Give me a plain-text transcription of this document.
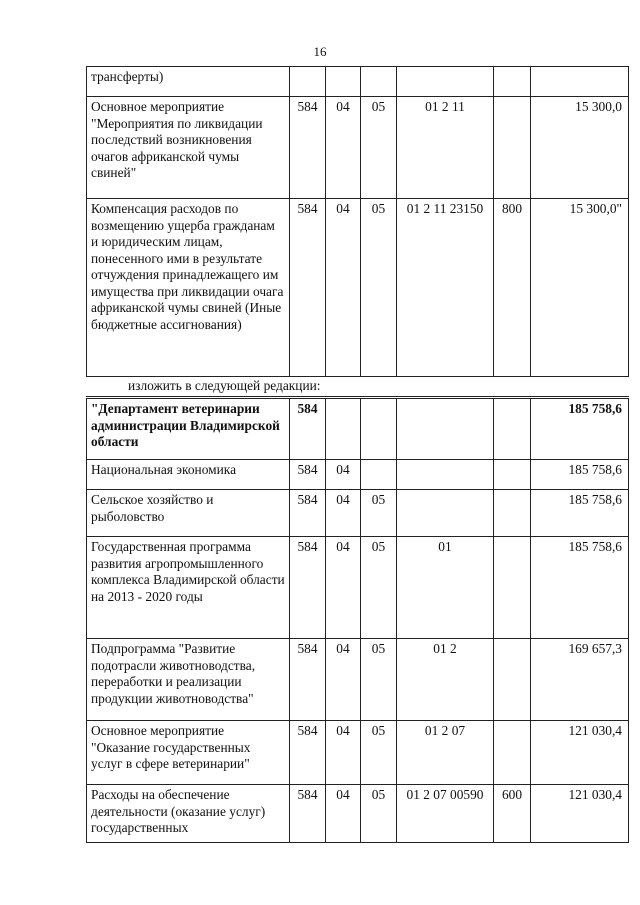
16
трансферты)						
Основное мероприятие "Мероприятия по ликвидации последствий возникновения очагов африканской чумы свиней"	584	04	05	01 2 11		15 300,0
Компенсация расходов по возмещению ущерба гражданам и юридическим лицам, понесенного ими в результате отчуждения принадлежащего им имущества при ликвидации очага африканской чумы свиней (Иные бюджетные ассигнования)	584	04	05	01 2 11 23150	800	15 300,0"
изложить в следующей редакции:
"Департамент ветеринарии администрации Владимирской области	584					185 758,6
Национальная экономика	584	04				185 758,6
Сельское хозяйство и рыболовство	584	04	05			185 758,6
Государственная программа развития агропромышленного комплекса Владимирской области на 2013 - 2020 годы	584	04	05	01		185 758,6
Подпрограмма "Развитие подотрасли животноводства, переработки и реализации продукции животноводства"	584	04	05	01 2		169 657,3
Основное мероприятие "Оказание государственных услуг в сфере ветеринарии"	584	04	05	01 2 07		121 030,4
Расходы на обеспечение деятельности (оказание услуг) государственных	584	04	05	01 2 07 00590	600	121 030,4
